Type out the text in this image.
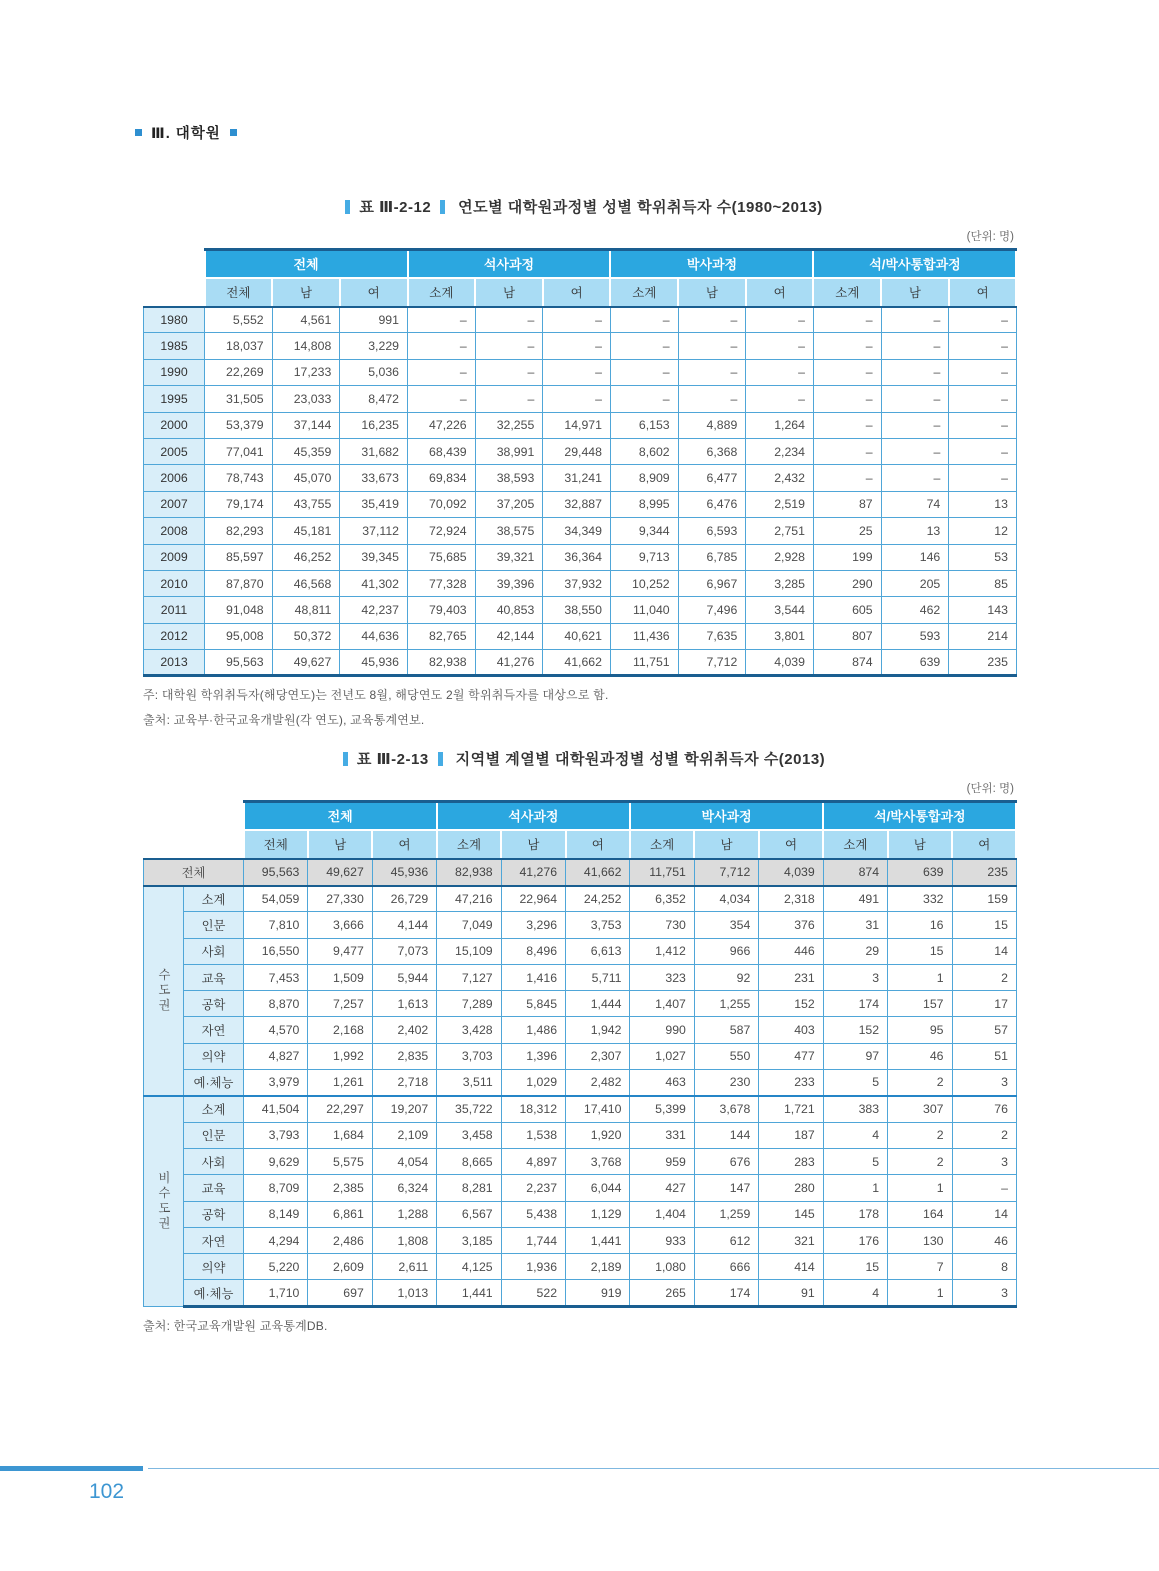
Ⅲ. 대학원
표 Ⅲ-2-12 연도별 대학원과정별 성별 학위취득자 수(1980~2013)
(단위: 명)
	전체			석사과정			박사과정			석/박사통합과정		
	전체	남	여	소계	남	여	소계	남	여	소계	남	여
1980	5,552	4,561	991	–	–	–	–	–	–	–	–	–
1985	18,037	14,808	3,229	–	–	–	–	–	–	–	–	–
1990	22,269	17,233	5,036	–	–	–	–	–	–	–	–	–
1995	31,505	23,033	8,472	–	–	–	–	–	–	–	–	–
2000	53,379	37,144	16,235	47,226	32,255	14,971	6,153	4,889	1,264	–	–	–
2005	77,041	45,359	31,682	68,439	38,991	29,448	8,602	6,368	2,234	–	–	–
2006	78,743	45,070	33,673	69,834	38,593	31,241	8,909	6,477	2,432	–	–	–
2007	79,174	43,755	35,419	70,092	37,205	32,887	8,995	6,476	2,519	87	74	13
2008	82,293	45,181	37,112	72,924	38,575	34,349	9,344	6,593	2,751	25	13	12
2009	85,597	46,252	39,345	75,685	39,321	36,364	9,713	6,785	2,928	199	146	53
2010	87,870	46,568	41,302	77,328	39,396	37,932	10,252	6,967	3,285	290	205	85
2011	91,048	48,811	42,237	79,403	40,853	38,550	11,040	7,496	3,544	605	462	143
2012	95,008	50,372	44,636	82,765	42,144	40,621	11,436	7,635	3,801	807	593	214
2013	95,563	49,627	45,936	82,938	41,276	41,662	11,751	7,712	4,039	874	639	235
주: 대학원 학위취득자(해당연도)는 전년도 8월, 해당연도 2월 학위취득자를 대상으로 함.
출처: 교육부·한국교육개발원(각 연도), 교육통계연보.
표 Ⅲ-2-13 지역별 계열별 대학원과정별 성별 학위취득자 수(2013)
(단위: 명)
		전체			석사과정			박사과정			석/박사통합과정		
		전체	남	여	소계	남	여	소계	남	여	소계	남	여
전체		95,563	49,627	45,936	82,938	41,276	41,662	11,751	7,712	4,039	874	639	235
수도권	소계	54,059	27,330	26,729	47,216	22,964	24,252	6,352	4,034	2,318	491	332	159
	인문	7,810	3,666	4,144	7,049	3,296	3,753	730	354	376	31	16	15
	사회	16,550	9,477	7,073	15,109	8,496	6,613	1,412	966	446	29	15	14
	교육	7,453	1,509	5,944	7,127	1,416	5,711	323	92	231	3	1	2
	공학	8,870	7,257	1,613	7,289	5,845	1,444	1,407	1,255	152	174	157	17
	자연	4,570	2,168	2,402	3,428	1,486	1,942	990	587	403	152	95	57
	의약	4,827	1,992	2,835	3,703	1,396	2,307	1,027	550	477	97	46	51
	예·체능	3,979	1,261	2,718	3,511	1,029	2,482	463	230	233	5	2	3
비수도권	소계	41,504	22,297	19,207	35,722	18,312	17,410	5,399	3,678	1,721	383	307	76
	인문	3,793	1,684	2,109	3,458	1,538	1,920	331	144	187	4	2	2
	사회	9,629	5,575	4,054	8,665	4,897	3,768	959	676	283	5	2	3
	교육	8,709	2,385	6,324	8,281	2,237	6,044	427	147	280	1	1	–
	공학	8,149	6,861	1,288	6,567	5,438	1,129	1,404	1,259	145	178	164	14
	자연	4,294	2,486	1,808	3,185	1,744	1,441	933	612	321	176	130	46
	의약	5,220	2,609	2,611	4,125	1,936	2,189	1,080	666	414	15	7	8
	예·체능	1,710	697	1,013	1,441	522	919	265	174	91	4	1	3
출처: 한국교육개발원 교육통계DB.
102
